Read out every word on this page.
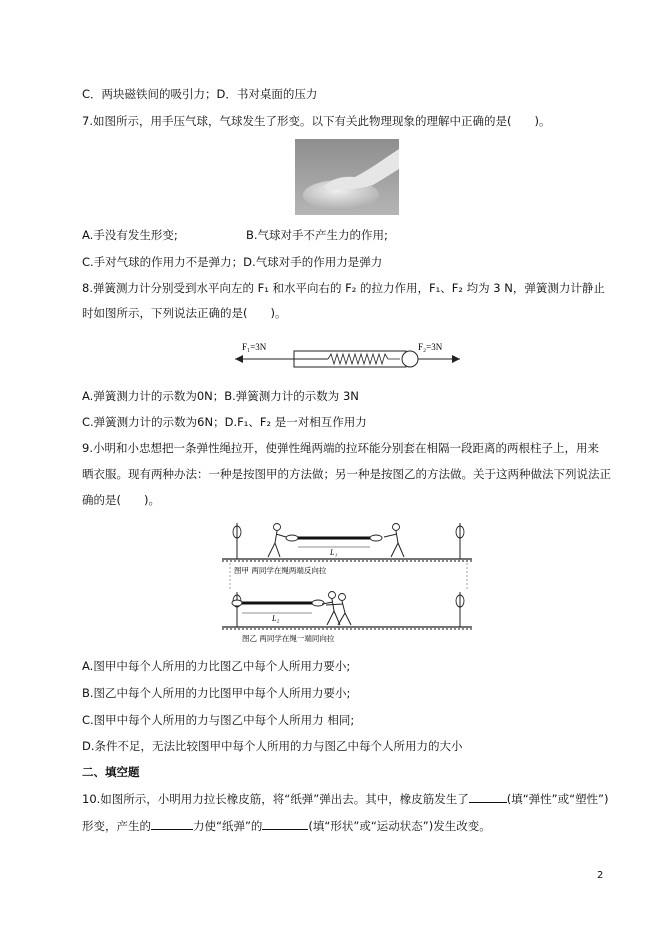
C．两块磁铁间的吸引力；D．书对桌面的压力
7.如图所示，用手压气球，气球发生了形变。以下有关此物理现象的理解中正确的是(　　)。
A.手没有发生形变;	B.气球对手不产生力的作用;
C.手对气球的作用力不是弹力；D.气球对手的作用力是弹力
8.弹簧测力计分别受到水平向左的 F₁ 和水平向右的 F₂ 的拉力作用，F₁、F₂ 均为 3 N，弹簧测力计静止
时如图所示，下列说法正确的是(　　)。
F₁=3N	F₂=3N
A.弹簧测力计的示数为0N；B.弹簧测力计的示数为 3N
C.弹簧测力计的示数为6N；D.F₁、F₂ 是一对相互作用力
9.小明和小忠想把一条弹性绳拉开，使弹性绳两端的拉环能分别套在相隔一段距离的两根柱子上，用来
晒衣服。现有两种办法：一种是按图甲的方法做；另一种是按图乙的方法做。关于这两种做法下列说法正
确的是(　　)。
L₁
图甲 两同学在绳两端反向拉
L₂
图乙 两同学在绳一端同向拉
A.图甲中每个人所用的力比图乙中每个人所用力要小;
B.图乙中每个人所用的力比图甲中每个人所用力要小;
C.图甲中每个人所用的力与图乙中每个人所用力 相同;
D.条件不足，无法比较图甲中每个人所用的力与图乙中每个人所用力的大小
二、填空题
10.如图所示，小明用力拉长橡皮筋，将“纸弹”弹出去。其中，橡皮筋发生了	(填“弹性”或“塑性”)
形变，产生的	力使“纸弹”的	(填“形状”或“运动状态”)发生改变。
2
